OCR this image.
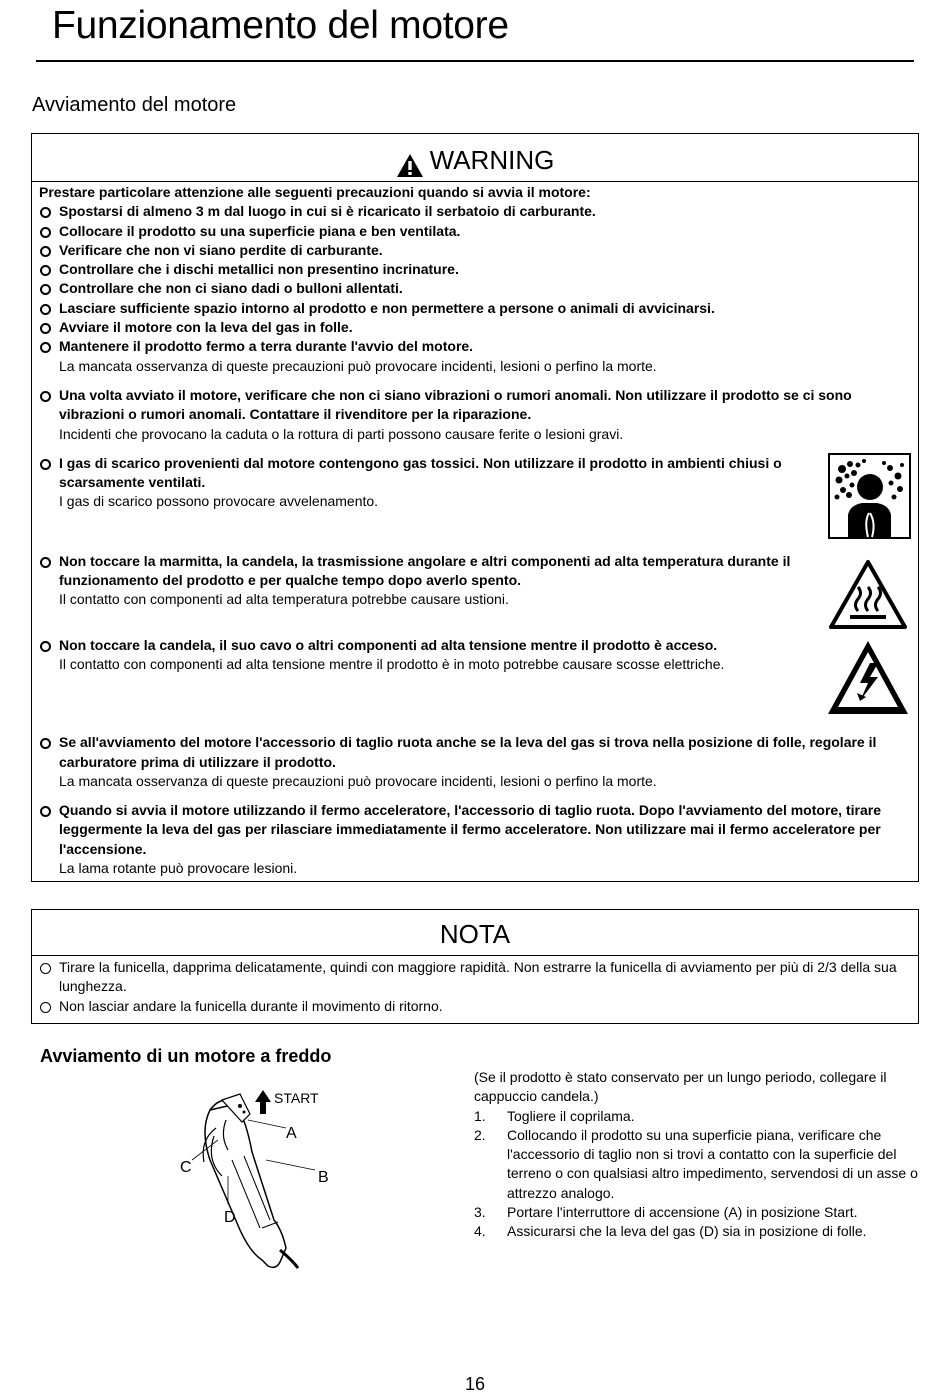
Funzionamento del motore
Avviamento del motore
WARNING
Prestare particolare attenzione alle seguenti precauzioni quando si avvia il motore:
Spostarsi di almeno 3 m dal luogo in cui si è ricaricato il serbatoio di carburante.
Collocare il prodotto su una superficie piana e ben ventilata.
Verificare che non vi siano perdite di carburante.
Controllare che i dischi metallici non presentino incrinature.
Controllare che non ci siano dadi o bulloni allentati.
Lasciare sufficiente spazio intorno al prodotto e non permettere a persone o animali di avvicinarsi.
Avviare il motore con la leva del gas in folle.
Mantenere il prodotto fermo a terra durante l'avvio del motore.
La mancata osservanza di queste precauzioni può provocare incidenti, lesioni o perfino la morte.
Una volta avviato il motore, verificare che non ci siano vibrazioni o rumori anomali. Non utilizzare il prodotto se ci sono vibrazioni o rumori anomali. Contattare il rivenditore per la riparazione.
Incidenti che provocano la caduta o la rottura di parti possono causare ferite o lesioni gravi.
I gas di scarico provenienti dal motore contengono gas tossici. Non utilizzare il prodotto in ambienti chiusi o scarsamente ventilati.
I gas di scarico possono provocare avvelenamento.
Non toccare la marmitta, la candela, la trasmissione angolare e altri componenti ad alta temperatura durante il funzionamento del prodotto e per qualche tempo dopo averlo spento.
Il contatto con componenti ad alta temperatura potrebbe causare ustioni.
Non toccare la candela, il suo cavo o altri componenti ad alta tensione mentre il prodotto è acceso.
Il contatto con componenti ad alta tensione mentre il prodotto è in moto potrebbe causare scosse elettriche.
Se all'avviamento del motore l'accessorio di taglio ruota anche se la leva del gas si trova nella posizione di folle, regolare il carburatore prima di utilizzare il prodotto.
La mancata osservanza di queste precauzioni può provocare incidenti, lesioni o perfino la morte.
Quando si avvia il motore utilizzando il fermo acceleratore, l'accessorio di taglio ruota. Dopo l'avviamento del motore, tirare leggermente la leva del gas per rilasciare immediatamente il fermo acceleratore. Non utilizzare mai il fermo acceleratore per l'accensione.
La lama rotante può provocare lesioni.
NOTA
Tirare la funicella, dapprima delicatamente, quindi con maggiore rapidità. Non estrarre la funicella di avviamento per più di 2/3 della sua lunghezza.
Non lasciar andare la funicella durante il movimento di ritorno.
Avviamento di un motore a freddo
START
A
B
C
D
(Se il prodotto è stato conservato per un lungo periodo, collegare il cappuccio candela.)
1. Togliere il coprilama.
2. Collocando il prodotto su una superficie piana, verificare che l'accessorio di taglio non si trovi a contatto con la superficie del terreno o con qualsiasi altro impedimento, servendosi di un asse o attrezzo analogo.
3. Portare l'interruttore di accensione (A) in posizione Start.
4. Assicurarsi che la leva del gas (D) sia in posizione di folle.
16
